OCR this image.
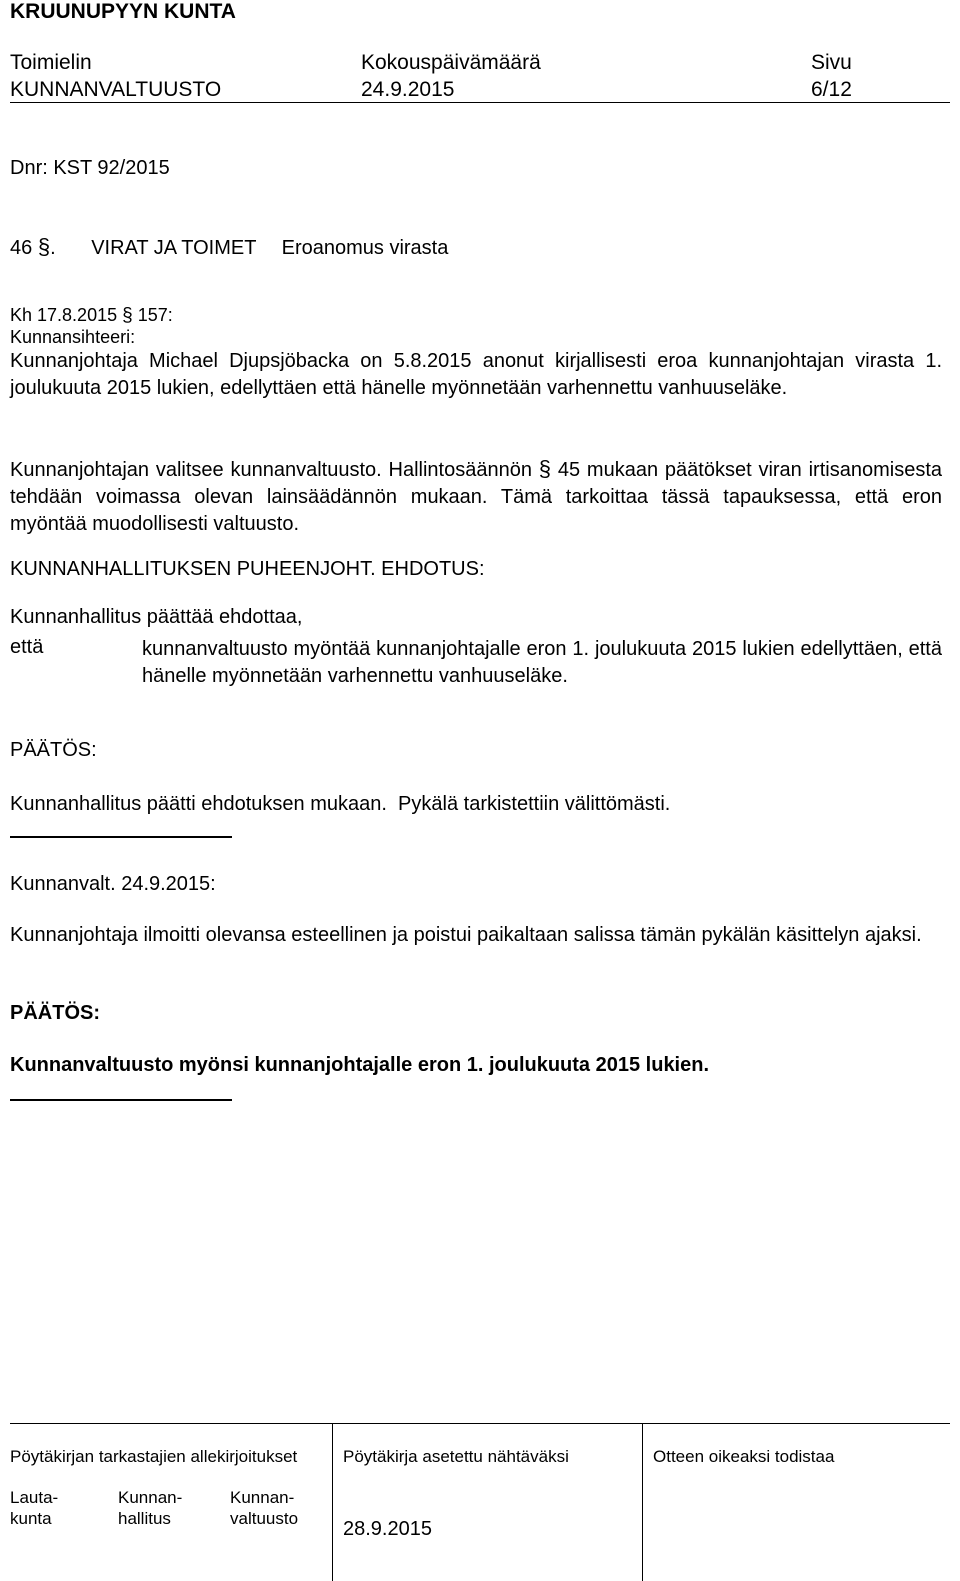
KRUUNUPYYN KUNTA
Toimielin
KUNNANVALTUUSTO
Kokouspäivämäärä
24.9.2015
Sivu
6/12
Dnr: KST 92/2015
46 §. VIRAT JA TOIMET Eroanomus virasta
Kh 17.8.2015 § 157:
Kunnansihteeri:
Kunnanjohtaja Michael Djupsjöbacka on 5.8.2015 anonut kirjallisesti eroa kunnanjohtajan virasta 1. joulukuuta 2015 lukien, edellyttäen että hänelle myönnetään varhennettu vanhuuseläke.
Kunnanjohtajan valitsee kunnanvaltuusto. Hallintosäännön § 45 mukaan päätökset viran irtisanomisesta tehdään voimassa olevan lainsäädännön mukaan. Tämä tarkoittaa tässä tapauksessa, että eron myöntää muodollisesti valtuusto.
KUNNANHALLITUKSEN PUHEENJOHT. EHDOTUS:
Kunnanhallitus päättää ehdottaa,
että	kunnanvaltuusto myöntää kunnanjohtajalle eron 1. joulukuuta 2015 lukien edellyttäen, että hänelle myönnetään varhennettu vanhuuseläke.
PÄÄTÖS:
Kunnanhallitus päätti ehdotuksen mukaan.  Pykälä tarkistettiin välittömästi.
Kunnanvalt. 24.9.2015:
Kunnanjohtaja ilmoitti olevansa esteellinen ja poistui paikaltaan salissa tämän pykälän käsittelyn ajaksi.
PÄÄTÖS:
Kunnanvaltuusto myönsi kunnanjohtajalle eron 1. joulukuuta 2015 lukien.
Pöytäkirjan tarkastajien allekirjoitukset
Lauta- kunta
Kunnan- hallitus
Kunnan- valtuusto
Pöytäkirja asetettu nähtäväksi
28.9.2015
Otteen oikeaksi todistaa
